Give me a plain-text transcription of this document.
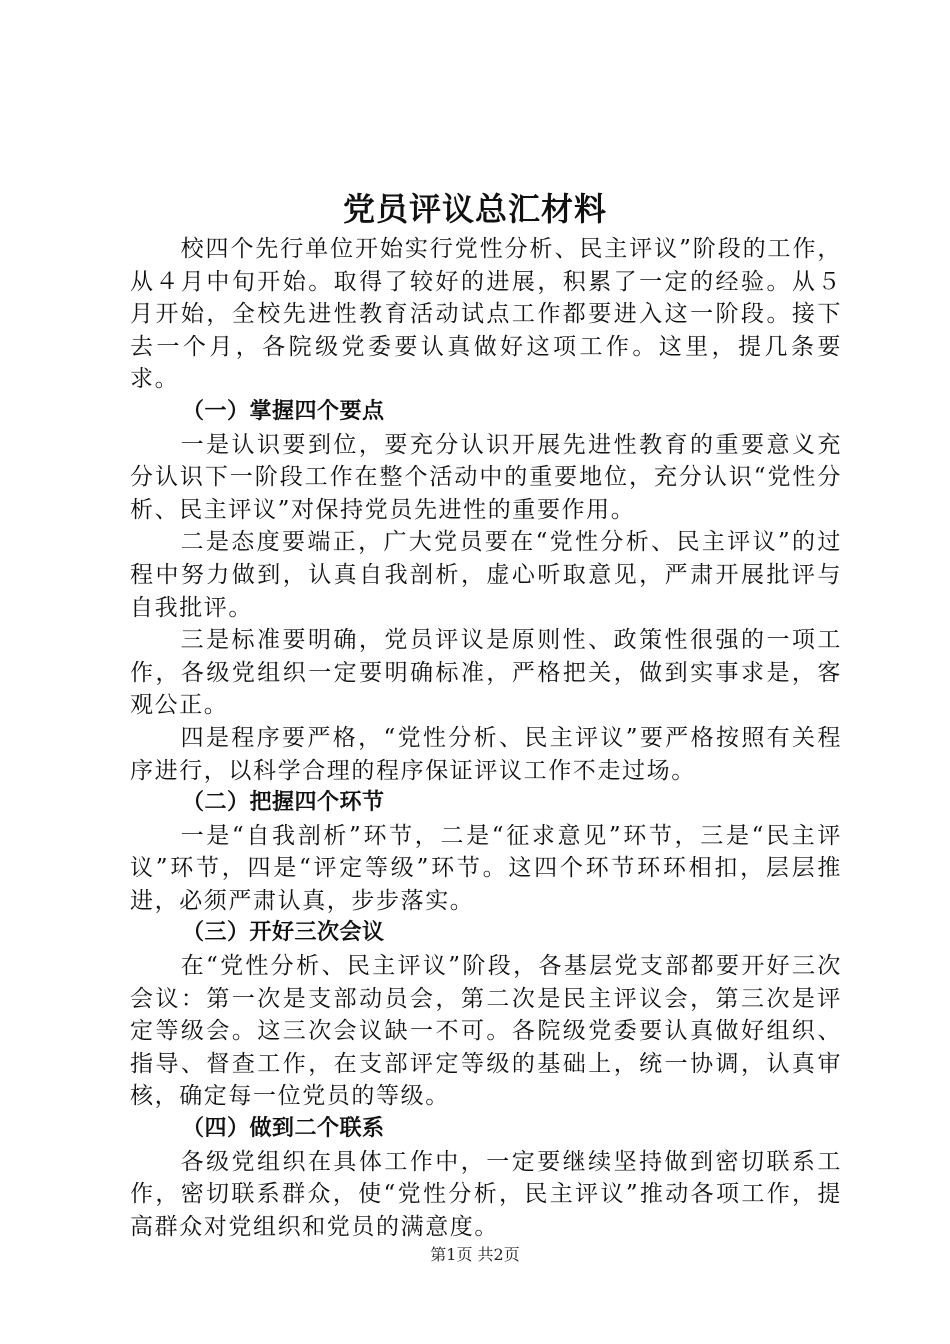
党员评议总汇材料

校四个先行单位开始实行党性分析、民主评议”阶段的工作，从４月中旬开始。取得了较好的进展，积累了一定的经验。从５月开始，全校先进性教育活动试点工作都要进入这一阶段。接下去一个月，各院级党委要认真做好这项工作。这里，提几条要求。

（一）掌握四个要点

一是认识要到位，要充分认识开展先进性教育的重要意义充分认识下一阶段工作在整个活动中的重要地位，充分认识“党性分析、民主评议”对保持党员先进性的重要作用。

二是态度要端正，广大党员要在“党性分析、民主评议”的过程中努力做到，认真自我剖析，虚心听取意见，严肃开展批评与自我批评。

三是标准要明确，党员评议是原则性、政策性很强的一项工作，各级党组织一定要明确标准，严格把关，做到实事求是，客观公正。

四是程序要严格，“党性分析、民主评议”要严格按照有关程序进行，以科学合理的程序保证评议工作不走过场。

（二）把握四个环节

一是“自我剖析”环节，二是“征求意见”环节，三是“民主评议”环节，四是“评定等级”环节。这四个环节环环相扣，层层推进，必须严肃认真，步步落实。

（三）开好三次会议

在“党性分析、民主评议”阶段，各基层党支部都要开好三次会议：第一次是支部动员会，第二次是民主评议会，第三次是评定等级会。这三次会议缺一不可。各院级党委要认真做好组织、指导、督查工作，在支部评定等级的基础上，统一协调，认真审核，确定每一位党员的等级。

（四）做到二个联系

各级党组织在具体工作中，一定要继续坚持做到密切联系工作，密切联系群众，使“党性分析，民主评议”推动各项工作，提高群众对党组织和党员的满意度。

第1页 共2页
